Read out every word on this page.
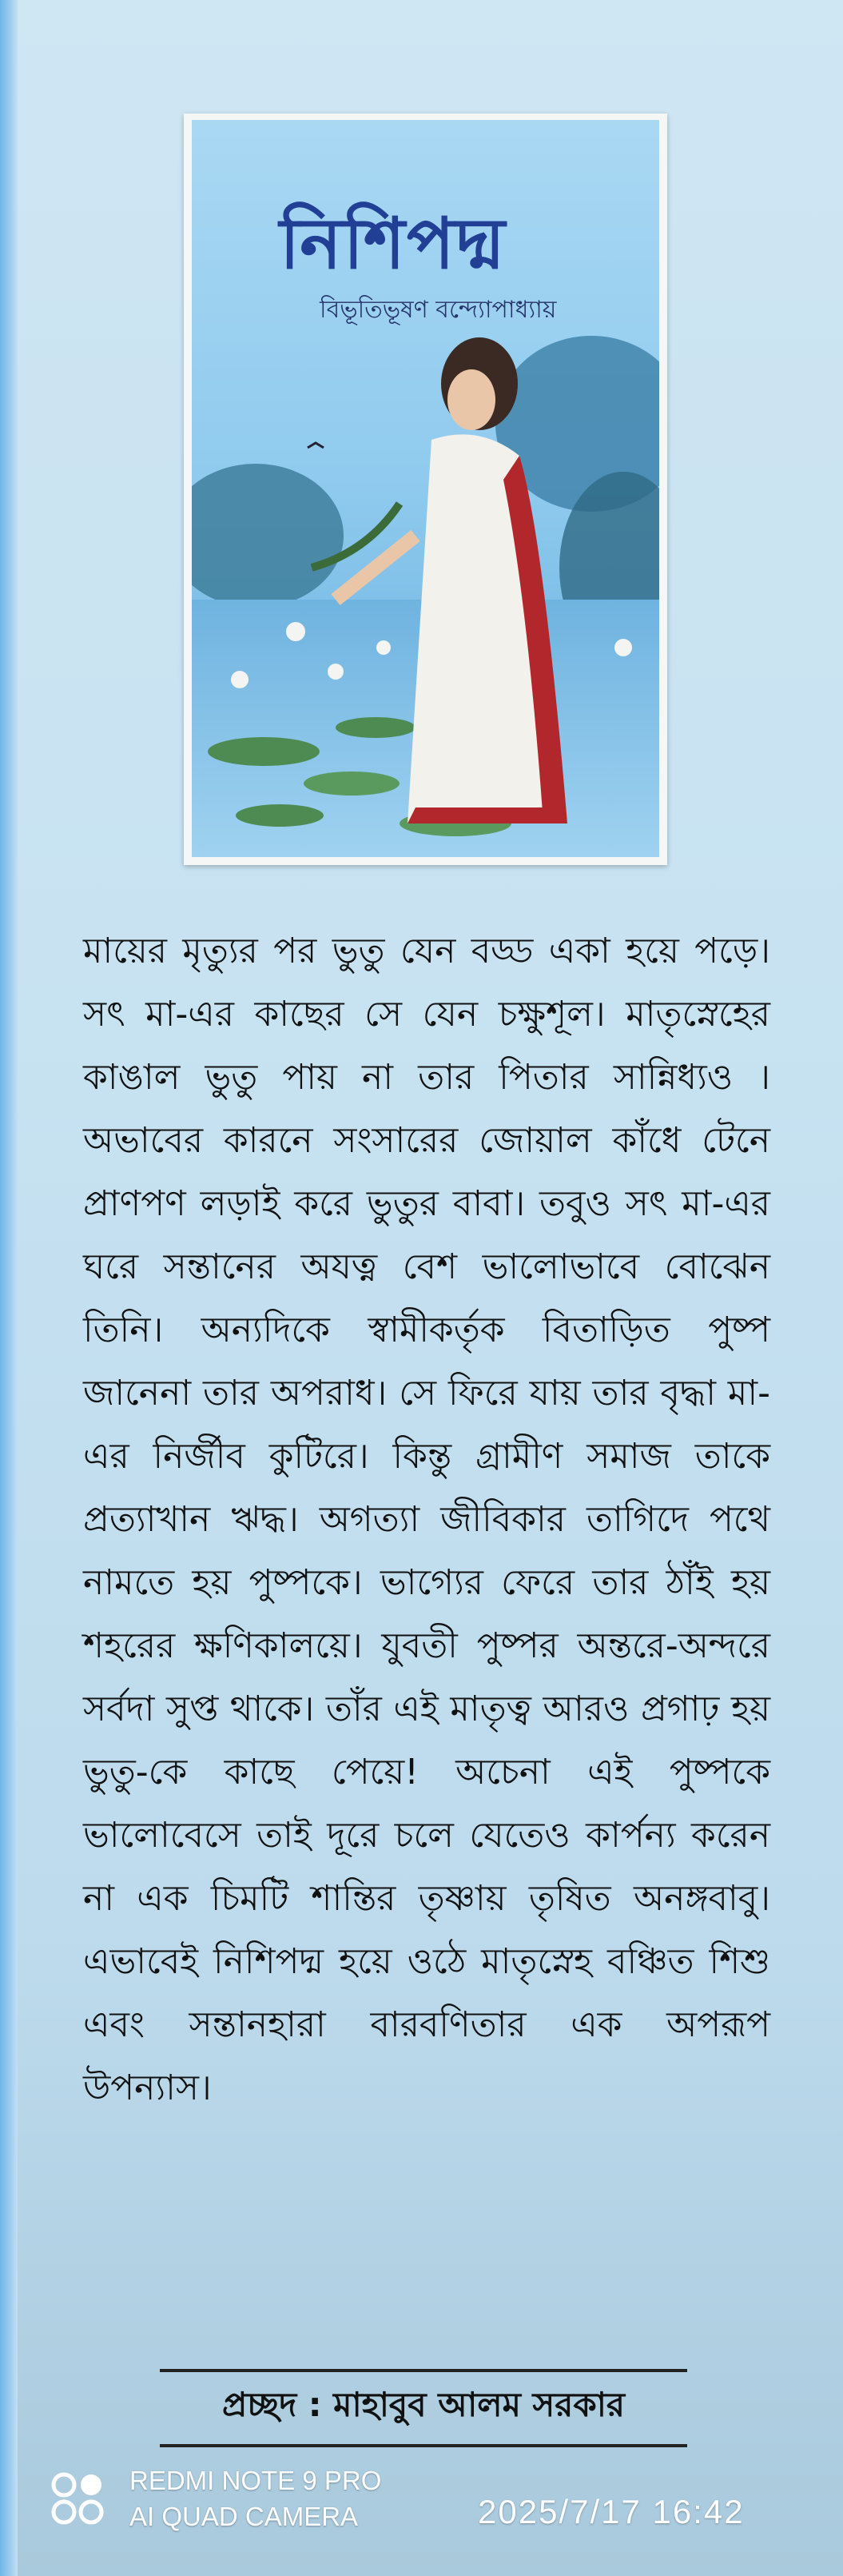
নিশিপদ্ম
বিভূতিভূষণ বন্দ্যোপাধ্যায়
মায়ের মৃত্যুর পর ভুতু যেন বড্ড একা হয়ে পড়ে। সৎ মা-এর কাছের সে যেন চক্ষুশূল। মাতৃস্নেহের কাঙাল ভুতু পায় না তার পিতার সান্নিধ্যও । অভাবের কারনে সংসারের জোয়াল কাঁধে টেনে প্রাণপণ লড়াই করে ভুতুর বাবা। তবুও সৎ মা-এর ঘরে সন্তানের অযত্ন বেশ ভালোভাবে বোঝেন তিনি। অন্যদিকে স্বামীকর্তৃক বিতাড়িত পুষ্প জানেনা তার অপরাধ। সে ফিরে যায় তার বৃদ্ধা মা-এর নির্জীব কুটিরে। কিন্তু গ্রামীণ সমাজ তাকে প্রত্যাখান ঋদ্ধ। অগত্যা জীবিকার তাগিদে পথে নামতে হয় পুষ্পকে। ভাগ্যের ফেরে তার ঠাঁই হয় শহরের ক্ষণিকালয়ে। যুবতী পুষ্পর অন্তরে-অন্দরে সর্বদা সুপ্ত থাকে। তাঁর এই মাতৃত্ব আরও প্রগাঢ় হয় ভুতু-কে কাছে পেয়ে! অচেনা এই পুষ্পকে ভালোবেসে তাই দূরে চলে যেতেও কার্পন্য করেন না এক চিমটি শান্তির তৃষ্ণায় তৃষিত অনঙ্গবাবু। এভাবেই নিশিপদ্ম হয়ে ওঠে মাতৃস্নেহ বঞ্চিত শিশু এবং সন্তানহারা বারবণিতার এক অপরূপ উপন্যাস।
প্রচ্ছদ : মাহাবুব আলম সরকার
REDMI NOTE 9 PRO
AI QUAD CAMERA	2025/7/17 16:42
